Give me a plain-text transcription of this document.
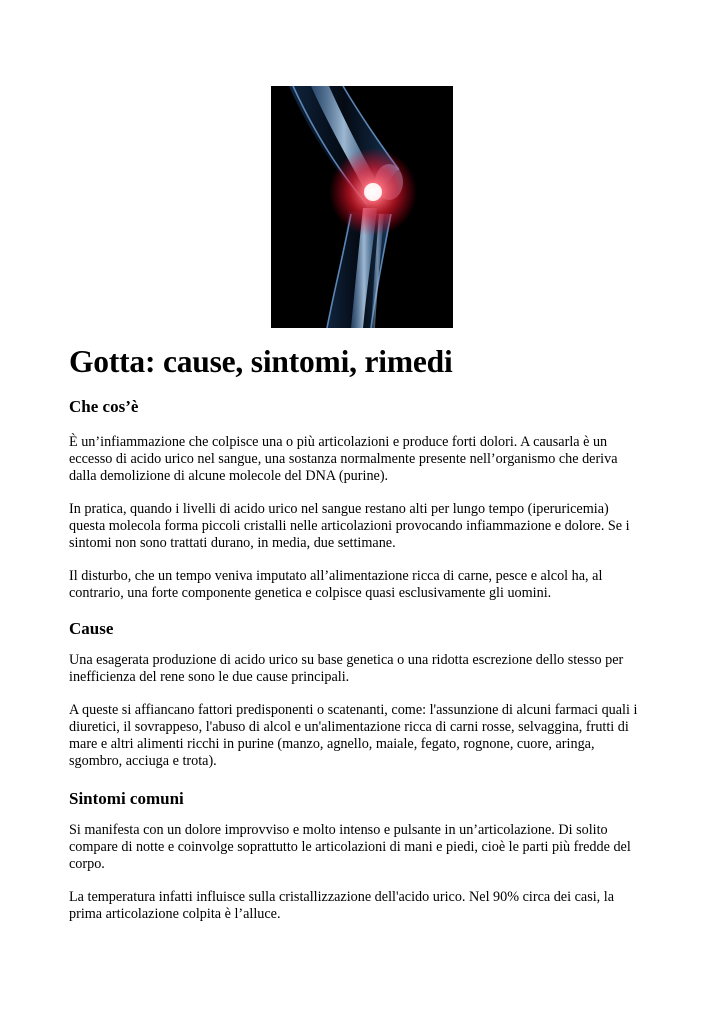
Gotta: cause, sintomi, rimedi
Che cos’è

È un’infiammazione che colpisce una o più articolazioni e produce forti dolori. A causarla è un
eccesso di acido urico nel sangue, una sostanza normalmente presente nell’organismo che deriva
dalla demolizione di alcune molecole del DNA (purine).

In pratica, quando i livelli di acido urico nel sangue restano alti per lungo tempo (iperuricemia)
questa molecola forma piccoli cristalli nelle articolazioni provocando infiammazione e dolore. Se i
sintomi non sono trattati durano, in media, due settimane.

Il disturbo, che un tempo veniva imputato all’alimentazione ricca di carne, pesce e alcol ha, al
contrario, una forte componente genetica e colpisce quasi esclusivamente gli uomini.

Cause

Una esagerata produzione di acido urico su base genetica o una ridotta escrezione dello stesso per
inefficienza del rene sono le due cause principali.

A queste si affiancano fattori predisponenti o scatenanti, come: l'assunzione di alcuni farmaci quali i
diuretici, il sovrappeso, l'abuso di alcol e un'alimentazione ricca di carni rosse, selvaggina, frutti di
mare e altri alimenti ricchi in purine (manzo, agnello, maiale, fegato, rognone, cuore, aringa,
sgombro, acciuga e trota).

Sintomi comuni

Si manifesta con un dolore improvviso e molto intenso e pulsante in un’articolazione. Di solito
compare di notte e coinvolge soprattutto le articolazioni di mani e piedi, cioè le parti più fredde del
corpo.

La temperatura infatti influisce sulla cristallizzazione dell'acido urico. Nel 90% circa dei casi, la
prima articolazione colpita è l’alluce.
